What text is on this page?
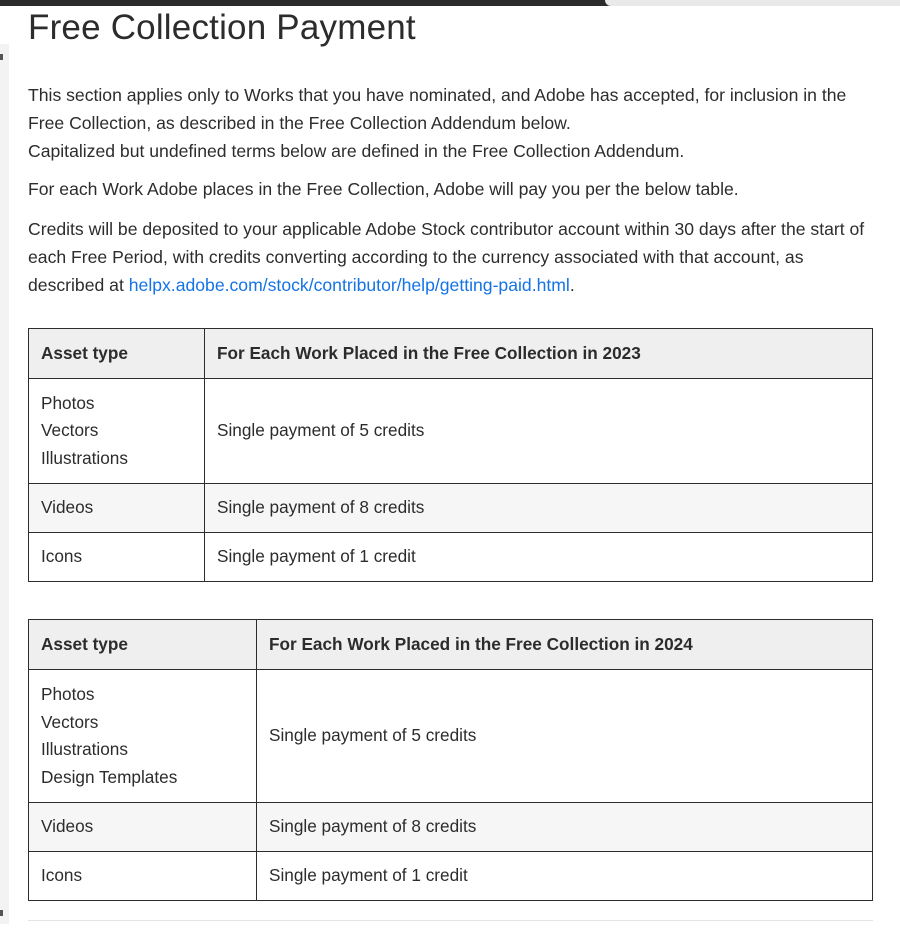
Free Collection Payment

This section applies only to Works that you have nominated, and Adobe has accepted, for inclusion in the Free Collection, as described in the Free Collection Addendum below.
Capitalized but undefined terms below are defined in the Free Collection Addendum.

For each Work Adobe places in the Free Collection, Adobe will pay you per the below table.

Credits will be deposited to your applicable Adobe Stock contributor account within 30 days after the start of each Free Period, with credits converting according to the currency associated with that account, as described at helpx.adobe.com/stock/contributor/help/getting-paid.html.

Asset type	For Each Work Placed in the Free Collection in 2023
Photos
Vectors
Illustrations	Single payment of 5 credits
Videos	Single payment of 8 credits
Icons	Single payment of 1 credit
Asset type	For Each Work Placed in the Free Collection in 2024
Photos
Vectors
Illustrations
Design Templates	Single payment of 5 credits
Videos	Single payment of 8 credits
Icons	Single payment of 1 credit
